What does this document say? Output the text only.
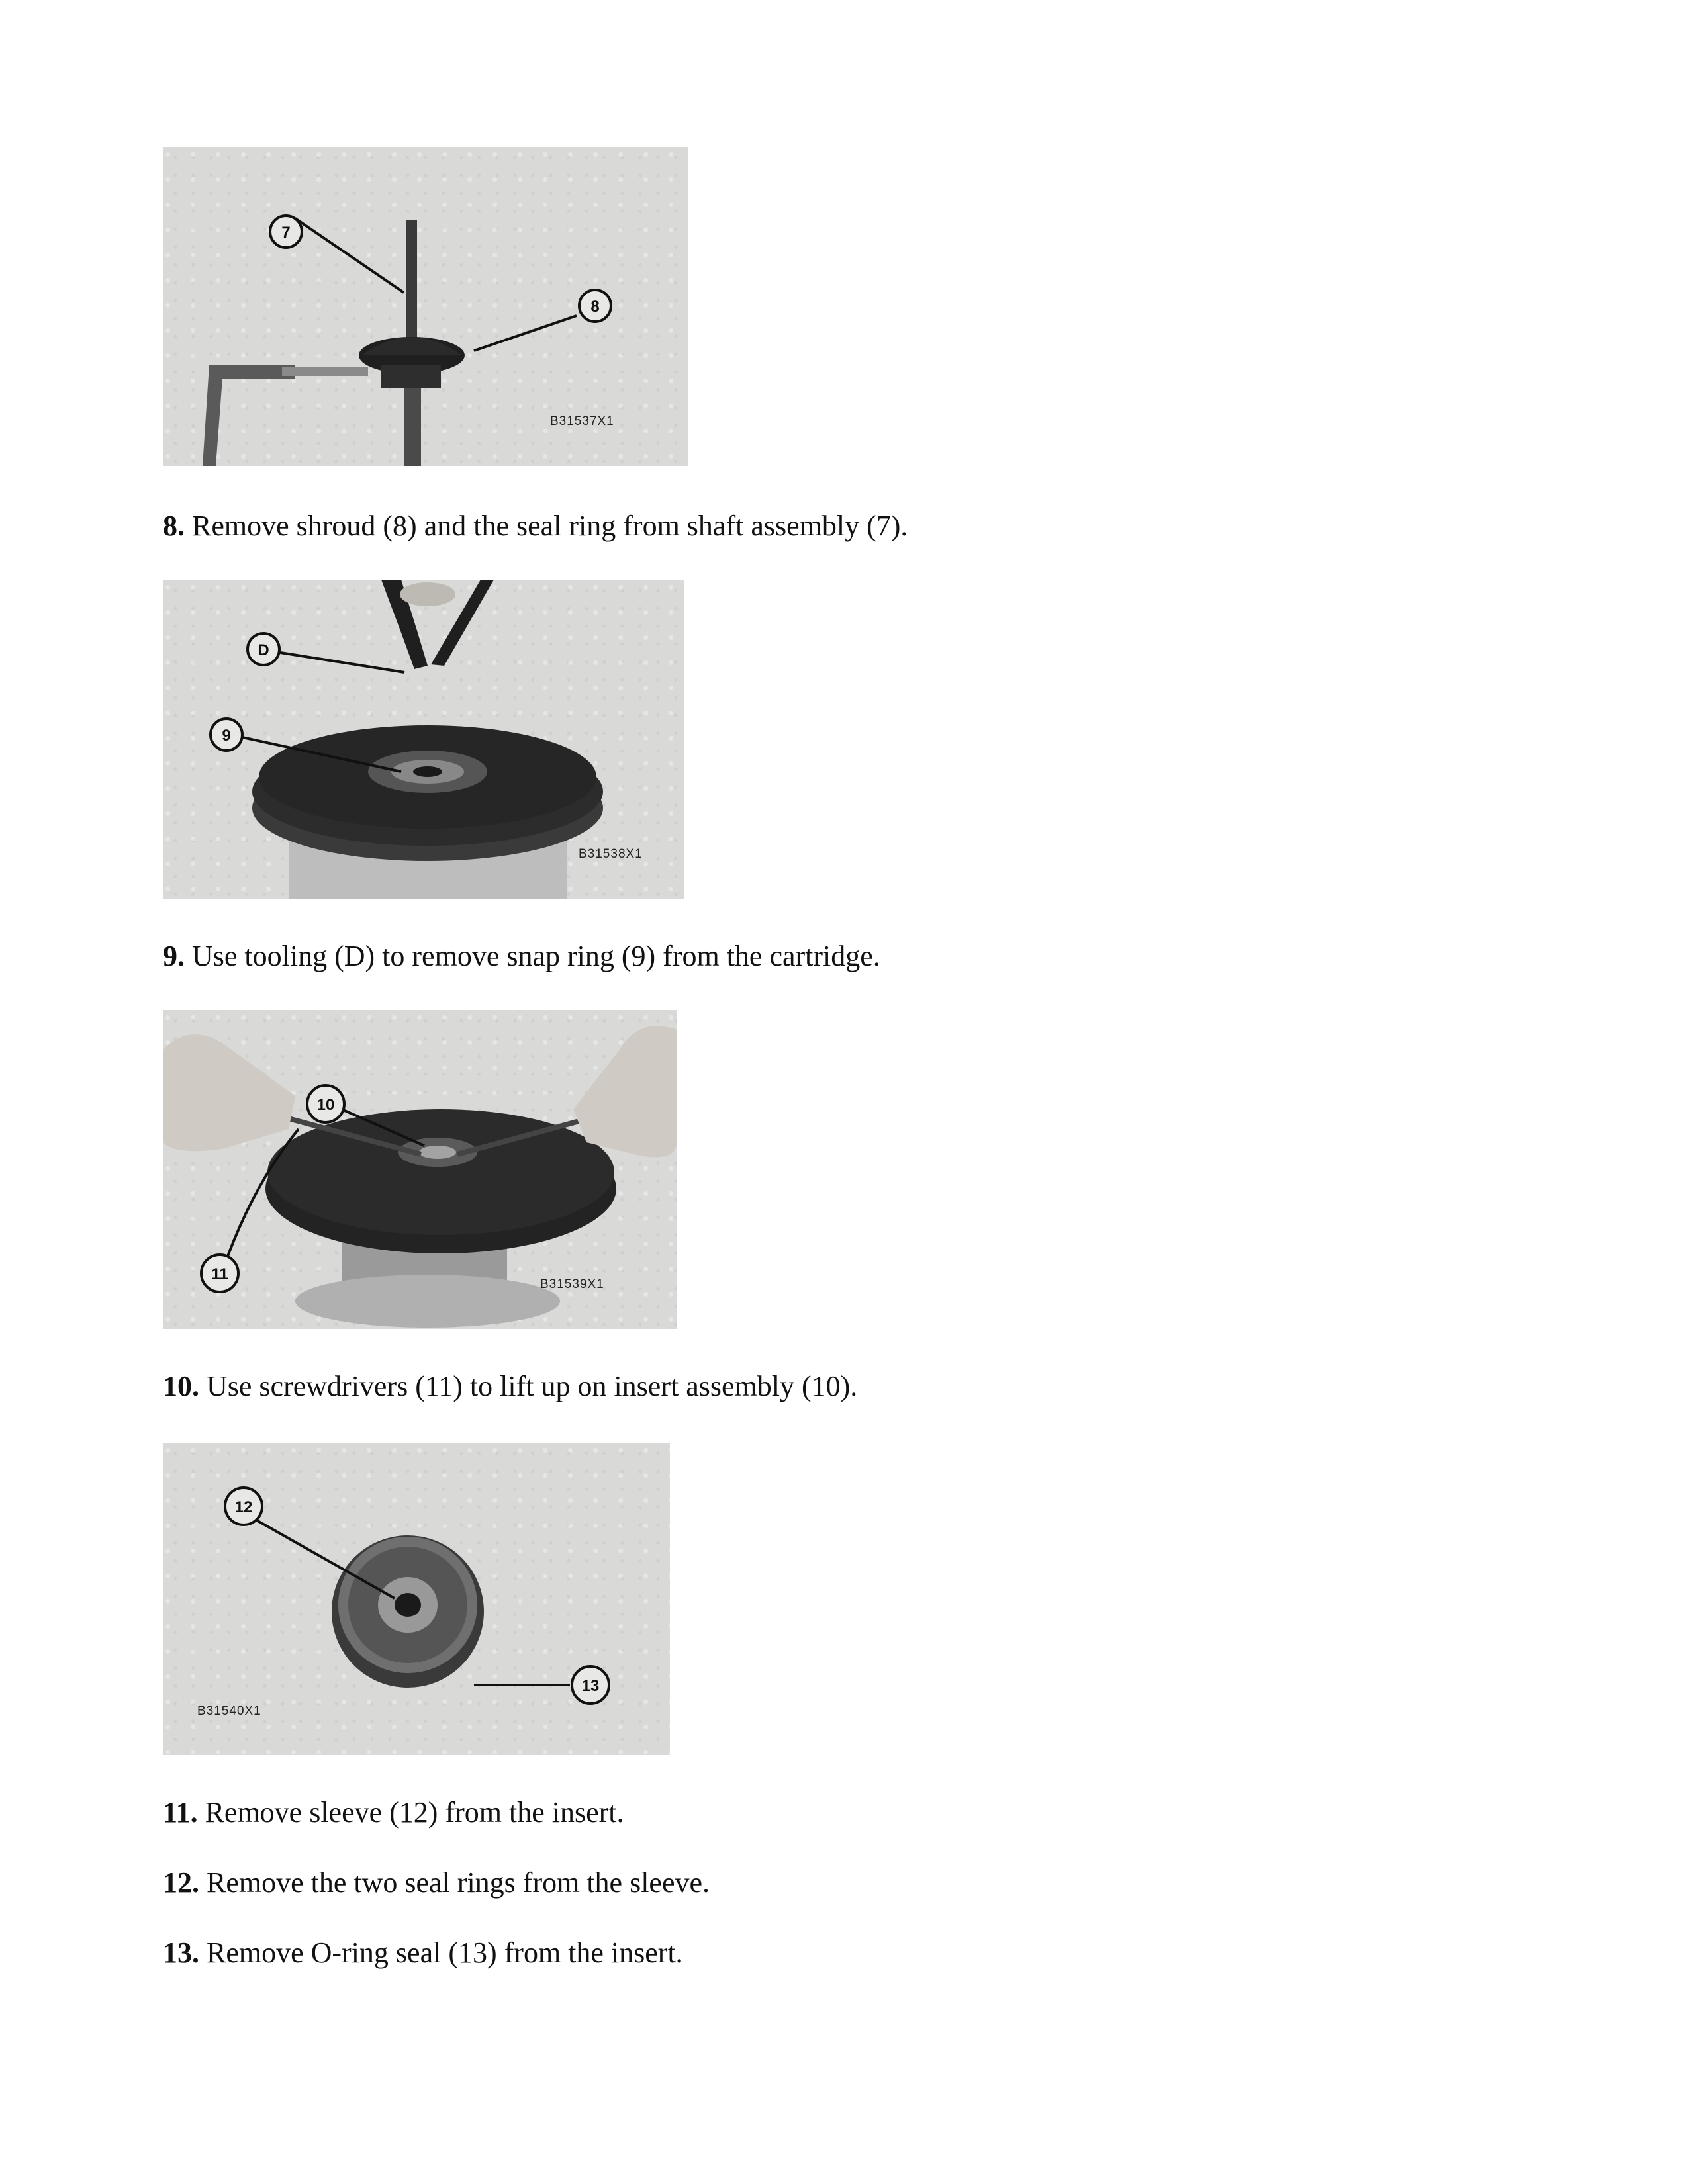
7
8
B31537X1

8. Remove shroud (8) and the seal ring from shaft assembly (7).

D
9
B31538X1

9. Use tooling (D) to remove snap ring (9) from the cartridge.

10
11
B31539X1

10. Use screwdrivers (11) to lift up on insert assembly (10).

12
13
B31540X1

11. Remove sleeve (12) from the insert.

12. Remove the two seal rings from the sleeve.

13. Remove O-ring seal (13) from the insert.
